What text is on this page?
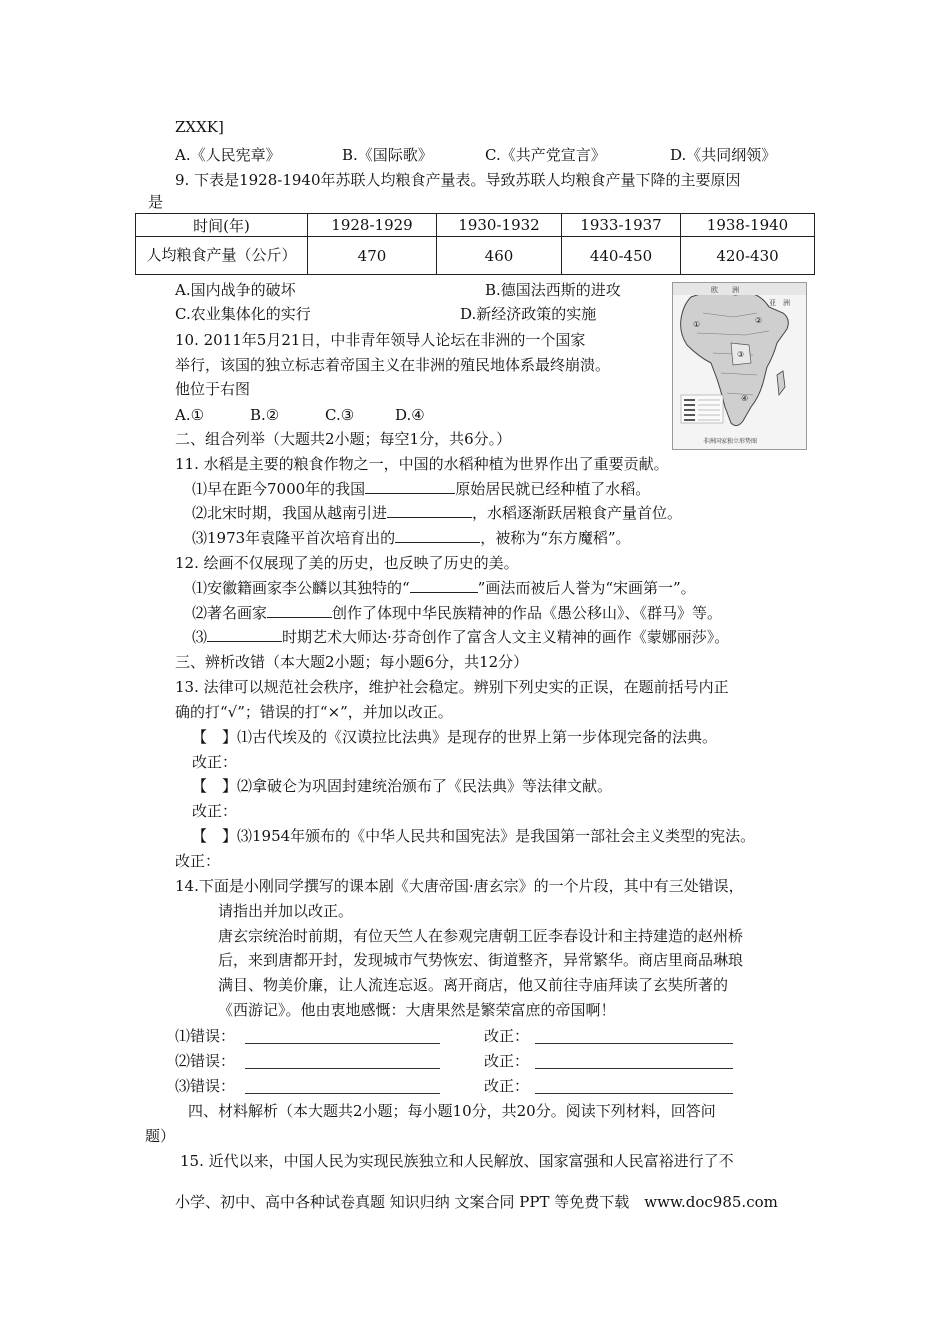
ZXXK]
A.《人民宪章》	B.《国际歌》	C.《共产党宣言》	D.《共同纲领》
9. 下表是1928-1940年苏联人均粮食产量表。导致苏联人均粮食产量下降的主要原因
是
时间(年)	1928-1929	1930-1932	1933-1937	1938-1940
人均粮食产量（公斤）	470	460	440-450	420-430
A.国内战争的破坏	B.德国法西斯的进攻
C.农业集体化的实行	D.新经济政策的实施
欧　　洲
亚　洲
①	②
③
④
非洲国家独立形势图
10. 2011年5月21日，中非青年领导人论坛在非洲的一个国家
举行，该国的独立标志着帝国主义在非洲的殖民地体系最终崩溃。
他位于右图
A.①	B.②	C.③	D.④
二、组合列举（大题共2小题；每空1分，共6分。）
11. 水稻是主要的粮食作物之一，中国的水稻种植为世界作出了重要贡献。
⑴早在距今7000年的我国	原始居民就已经种植了水稻。
⑵北宋时期，我国从越南引进	，水稻逐渐跃居粮食产量首位。
⑶1973年袁隆平首次培育出的	，被称为“东方魔稻”。
12. 绘画不仅展现了美的历史，也反映了历史的美。
⑴安徽籍画家李公麟以其独特的“	”画法而被后人誉为“宋画第一”。
⑵著名画家	创作了体现中华民族精神的作品《愚公移山》、《群马》等。
⑶	时期艺术大师达·芬奇创作了富含人文主义精神的画作《蒙娜丽莎》。
三、辨析改错（本大题2小题；每小题6分，共12分）
13. 法律可以规范社会秩序，维护社会稳定。辨别下列史实的正误，在题前括号内正
确的打“√”；错误的打“×”，并加以改正。
【　】⑴古代埃及的《汉谟拉比法典》是现存的世界上第一步体现完备的法典。
改正：
【　】⑵拿破仑为巩固封建统治颁布了《民法典》等法律文献。
改正：
【　】⑶1954年颁布的《中华人民共和国宪法》是我国第一部社会主义类型的宪法。
改正：
14.下面是小刚同学撰写的课本剧《大唐帝国·唐玄宗》的一个片段，其中有三处错误，
请指出并加以改正。
唐玄宗统治时前期，有位天竺人在参观完唐朝工匠李春设计和主持建造的赵州桥
后，来到唐都开封，发现城市气势恢宏、街道整齐，异常繁华。商店里商品琳琅
满目、物美价廉，让人流连忘返。离开商店，他又前往寺庙拜读了玄奘所著的
《西游记》。他由衷地感慨：大唐果然是繁荣富庶的帝国啊！
⑴错误：	改正：
⑵错误：	改正：
⑶错误：	改正：
四、材料解析（本大题共2小题；每小题10分，共20分。阅读下列材料，回答问
题）
15. 近代以来，中国人民为实现民族独立和人民解放、国家富强和人民富裕进行了不
小学、初中、高中各种试卷真题 知识归纳 文案合同 PPT 等免费下载　www.doc985.com
